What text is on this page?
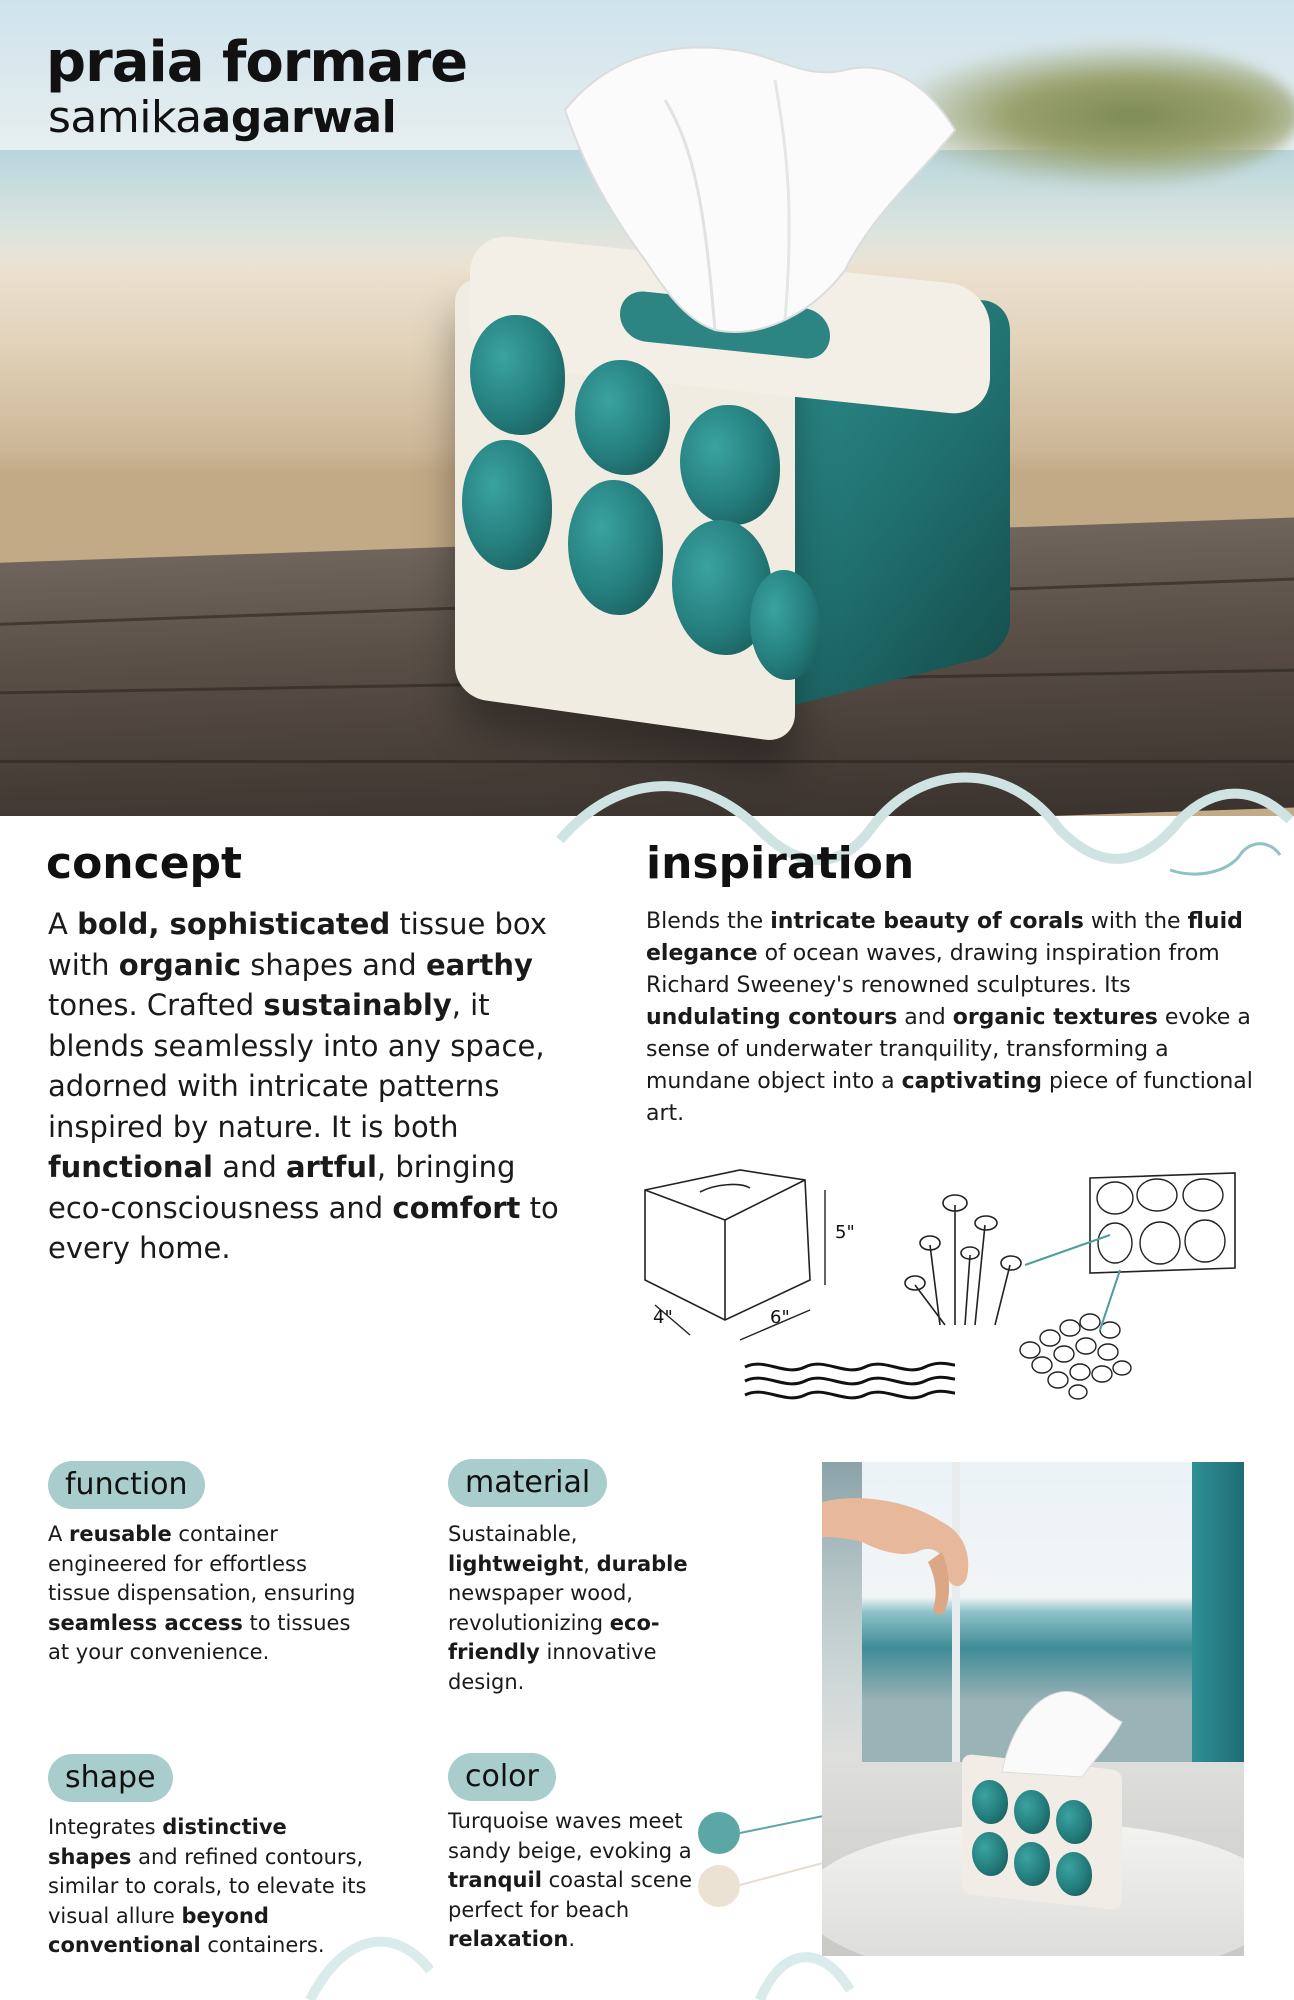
praia formare
samikaagarwal
concept
A bold, sophisticated tissue box with organic shapes and earthy tones. Crafted sustainably, it blends seamlessly into any space, adorned with intricate patterns inspired by nature. It is both functional and artful, bringing eco-consciousness and comfort to every home.
inspiration
Blends the intricate beauty of corals with the fluid elegance of ocean waves, drawing inspiration from Richard Sweeney's renowned sculptures. Its undulating contours and organic textures evoke a sense of underwater tranquility, transforming a mundane object into a captivating piece of functional art.
5"
4"	6"
function
A reusable container engineered for effortless tissue dispensation, ensuring seamless access to tissues at your convenience.
material
Sustainable, lightweight, durable newspaper wood, revolutionizing eco-friendly innovative design.
shape
Integrates distinctive shapes and refined contours, similar to corals, to elevate its visual allure beyond conventional containers.
color
Turquoise waves meet sandy beige, evoking a tranquil coastal scene perfect for beach relaxation.
